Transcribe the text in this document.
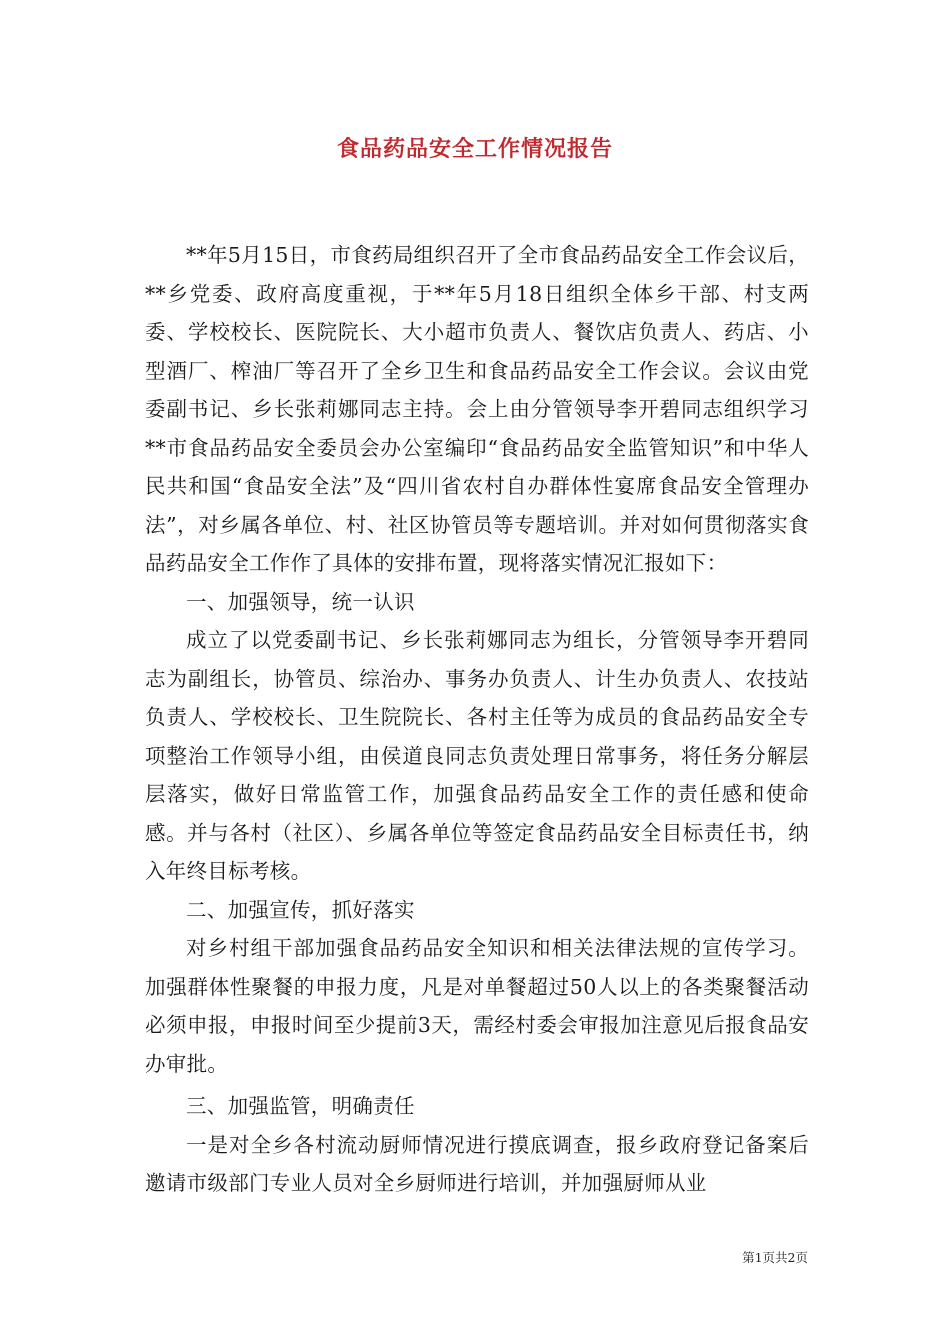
食品药品安全工作情况报告

**年5月15日，市食药局组织召开了全市食品药品安全工作会议后，**乡党委、政府高度重视，于**年5月18日组织全体乡干部、村支两委、学校校长、医院院长、大小超市负责人、餐饮店负责人、药店、小型酒厂、榨油厂等召开了全乡卫生和食品药品安全工作会议。会议由党委副书记、乡长张莉娜同志主持。会上由分管领导李开碧同志组织学习**市食品药品安全委员会办公室编印“食品药品安全监管知识”和中华人民共和国“食品安全法”及“四川省农村自办群体性宴席食品安全管理办法”，对乡属各单位、村、社区协管员等专题培训。并对如何贯彻落实食品药品安全工作作了具体的安排布置，现将落实情况汇报如下：

一、加强领导，统一认识

成立了以党委副书记、乡长张莉娜同志为组长，分管领导李开碧同志为副组长，协管员、综治办、事务办负责人、计生办负责人、农技站负责人、学校校长、卫生院院长、各村主任等为成员的食品药品安全专项整治工作领导小组，由侯道良同志负责处理日常事务，将任务分解层层落实，做好日常监管工作，加强食品药品安全工作的责任感和使命感。并与各村（社区）、乡属各单位等签定食品药品安全目标责任书，纳入年终目标考核。

二、加强宣传，抓好落实

对乡村组干部加强食品药品安全知识和相关法律法规的宣传学习。加强群体性聚餐的申报力度，凡是对单餐超过50人以上的各类聚餐活动必须申报，申报时间至少提前3天，需经村委会审报加注意见后报食品安办审批。

三、加强监管，明确责任

一是对全乡各村流动厨师情况进行摸底调查，报乡政府登记备案后邀请市级部门专业人员对全乡厨师进行培训，并加强厨师从业

第1页共2页
